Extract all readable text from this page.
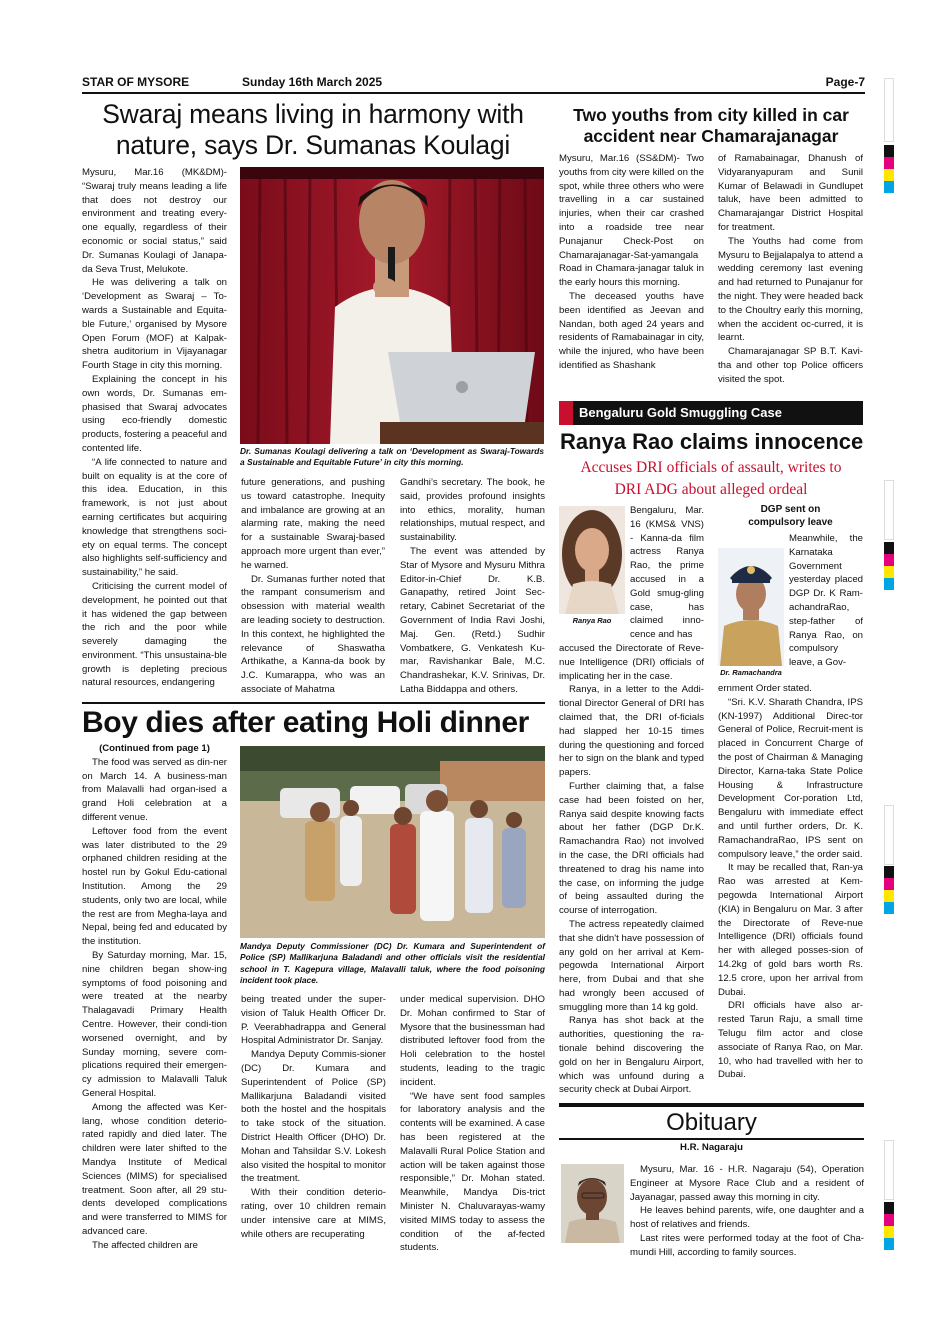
STAR OF MYSORE	Sunday 16th March 2025	Page-7
Swaraj means living in harmony with
nature, says Dr. Sumanas Koulagi

Mysuru, Mar.16 (MK&DM)- “Swaraj truly means leading a life that does not destroy our environment and treating every-one equally, regardless of their economic or social status,” said Dr. Sumanas Koulagi of Janapa-da Seva Trust, Melukote.

He was delivering a talk on ‘Development as Swaraj – To-wards a Sustainable and Equita-ble Future,’ organised by Mysore Open Forum (MOF) at Kalpak-shetra auditorium in Vijayanagar Fourth Stage in city this morning.

Explaining the concept in his own words, Dr. Sumanas em-phasised that Swaraj advocates using eco-friendly domestic products, fostering a peaceful and contented life.

“A life connected to nature and built on equality is at the core of this idea. Education, in this framework, is not just about earning certificates but acquiring knowledge that strengthens soci-ety on equal terms. The concept also highlights self-sufficiency and sustainability,” he said.

Criticising the current model of development, he pointed out that it has widened the gap between the rich and the poor while severely damaging the environment. “This unsustaina-ble growth is depleting precious natural resources, endangering

Dr. Sumanas Koulagi delivering a talk on ‘Development as Swaraj-Towards a Sustainable and Equitable Future’ in city this morning.

future generations, and pushing us toward catastrophe. Inequity and imbalance are growing at an alarming rate, making the need for a sustainable Swaraj-based approach more urgent than ever,” he warned.

Dr. Sumanas further noted that the rampant consumerism and obsession with material wealth are leading society to destruction. In this context, he highlighted the relevance of Shaswatha Arthikathe, a Kanna-da book by J.C. Kumarappa, who was an associate of Mahatma

Gandhi’s secretary. The book, he said, provides profound insights into ethics, morality, human relationships, mutual respect, and sustainability.

The event was attended by Star of Mysore and Mysuru Mithra Editor-in-Chief Dr. K.B. Ganapathy, retired Joint Sec-retary, Cabinet Secretariat of the Government of India Ravi Joshi, Maj. Gen. (Retd.) Sudhir Vombatkere, G. Venkatesh Ku-mar, Ravishankar Bale, M.C. Chandrashekar, K.V. Srinivas, Dr. Latha Biddappa and others.

Boy dies after eating Holi dinner
(Continued from page 1)

The food was served as din-ner on March 14. A business-man from Malavalli had organ-ised a grand Holi celebration at a different venue.

Leftover food from the event was later distributed to the 29 orphaned children residing at the hostel run by Gokul Edu-cational Institution. Among the 29 students, only two are local, while the rest are from Megha-laya and Nepal, being fed and educated by the institution.

By Saturday morning, Mar. 15, nine children began show-ing symptoms of food poisoning and were treated at the nearby Thalagavadi Primary Health Centre. However, their condi-tion worsened overnight, and by Sunday morning, severe com-plications required their emergen-cy admission to Malavalli Taluk General Hospital.

Among the affected was Ker-lang, whose condition deterio-rated rapidly and died later. The children were later shifted to the Mandya Institute of Medical Sciences (MIMS) for specialised treatment. Soon after, all 29 stu-dents developed complications and were transferred to MIMS for advanced care.

The affected children are

Mandya Deputy Commissioner (DC) Dr. Kumara and Superintendent of Police (SP) Mallikarjuna Baladandi and other officials visit the residential school in T. Kagepura village, Malavalli taluk, where the food poisoning incident took place.

being treated under the super-vision of Taluk Health Officer Dr. P. Veerabhadrappa and General Hospital Administrator Dr. Sanjay.

Mandya Deputy Commis-sioner (DC) Dr. Kumara and Superintendent of Police (SP) Mallikarjuna Baladandi visited both the hostel and the hospitals to take stock of the situation. District Health Officer (DHO) Dr. Mohan and Tahsildar S.V. Lokesh also visited the hospital to monitor the treatment.

With their condition deterio-rating, over 10 children remain under intensive care at MIMS, while others are recuperating

under medical supervision. DHO Dr. Mohan confirmed to Star of Mysore that the businessman had distributed leftover food from the Holi celebration to the hostel students, leading to the tragic incident.

“We have sent food samples for laboratory analysis and the contents will be examined. A case has been registered at the Malavalli Rural Police Station and action will be taken against those responsible,” Dr. Mohan stated. Meanwhile, Mandya Dis-trict Minister N. Chaluvarayas-wamy visited MIMS today to assess the condition of the af-fected students.

Two youths from city killed in car
accident near Chamarajanagar

Mysuru, Mar.16 (SS&DM)- Two youths from city were killed on the spot, while three others who were travelling in a car sustained injuries, when their car crashed into a roadside tree near Punajanur Check-Post on Chamarajanagar-Sat-yamangala Road in Chamara-janagar taluk in the early hours this morning.

The deceased youths have been identified as Jeevan and Nandan, both aged 24 years and residents of Ramabainagar in city, while the injured, who have been identified as Shashank

of Ramabainagar, Dhanush of Vidyaranyapuram and Sunil Kumar of Belawadi in Gundlupet taluk, have been admitted to Chamarajangar District Hospital for treatment.

The Youths had come from Mysuru to Bejjalapalya to attend a wedding ceremony last evening and had returned to Punajanur for the night. They were headed back to the Choultry early this morning, when the accident oc-curred, it is learnt.

Chamarajanagar SP B.T. Kavi-tha and other top Police officers visited the spot.

Bengaluru Gold Smuggling Case
Ranya Rao claims innocence
Accuses DRI officials of assault, writes to
DRI ADG about alleged ordeal
Ranya Rao

Bengaluru, Mar. 16 (KMS& VNS) - Kanna-da film actress Ranya Rao, the prime accused in a Gold smug-gling case, has claimed inno-cence and has

accused the Directorate of Reve-nue Intelligence (DRI) officials of implicating her in the case.

Ranya, in a letter to the Addi-tional Director General of DRI has claimed that, the DRI of-ficials had slapped her 10-15 times during the questioning and forced her to sign on the blank and typed papers.

Further claiming that, a false case had been foisted on her, Ranya said despite knowing facts about her father (DGP Dr.K. Ramachandra Rao) not involved in the case, the DRI officials had threatened to drag his name into the case, on informing the judge of being assaulted during the course of interrogation.

The actress repeatedly claimed that she didn't have possession of any gold on her arrival at Kem-pegowda International Airport here, from Dubai and that she had wrongly been accused of smuggling more than 14 kg gold.

Ranya has shot back at the authorities, questioning the ra-tionale behind discovering the gold on her in Bengaluru Airport, which was unfound during a security check at Dubai Airport.

DGP sent on
compulsory leave
Dr. Ramachandra

Meanwhile, the Karnataka Government yesterday placed DGP Dr. K Ram-achandraRao, step-father of Ranya Rao, on compulsory leave, a Gov-

ernment Order stated.

“Sri. K.V. Sharath Chandra, IPS (KN-1997) Additional Direc-tor General of Police, Recruit-ment is placed in Concurrent Charge of the post of Chairman & Managing Director, Karna-taka State Police Housing & Infrastructure Development Cor-poration Ltd, Bengaluru with immediate effect and until further orders, Dr. K. RamachandraRao, IPS sent on compulsory leave,” the order said.

It may be recalled that, Ran-ya Rao was arrested at Kem-pegowda International Airport (KIA) in Bengaluru on Mar. 3 after the Directorate of Reve-nue Intelligence (DRI) officials found her with alleged posses-sion of 14.2kg of gold bars worth Rs. 12.5 crore, upon her arrival from Dubai.

DRI officials have also ar-rested Tarun Raju, a small time Telugu film actor and close associate of Ranya Rao, on Mar. 10, who had travelled with her to Dubai.

Obituary
H.R. Nagaraju

Mysuru, Mar. 16 - H.R. Nagaraju (54), Operation Engineer at Mysore Race Club and a resident of Jayanagar, passed away this morning in city.

He leaves behind parents, wife, one daughter and a host of relatives and friends.

Last rites were performed today at the foot of Cha-mundi Hill, according to family sources.
